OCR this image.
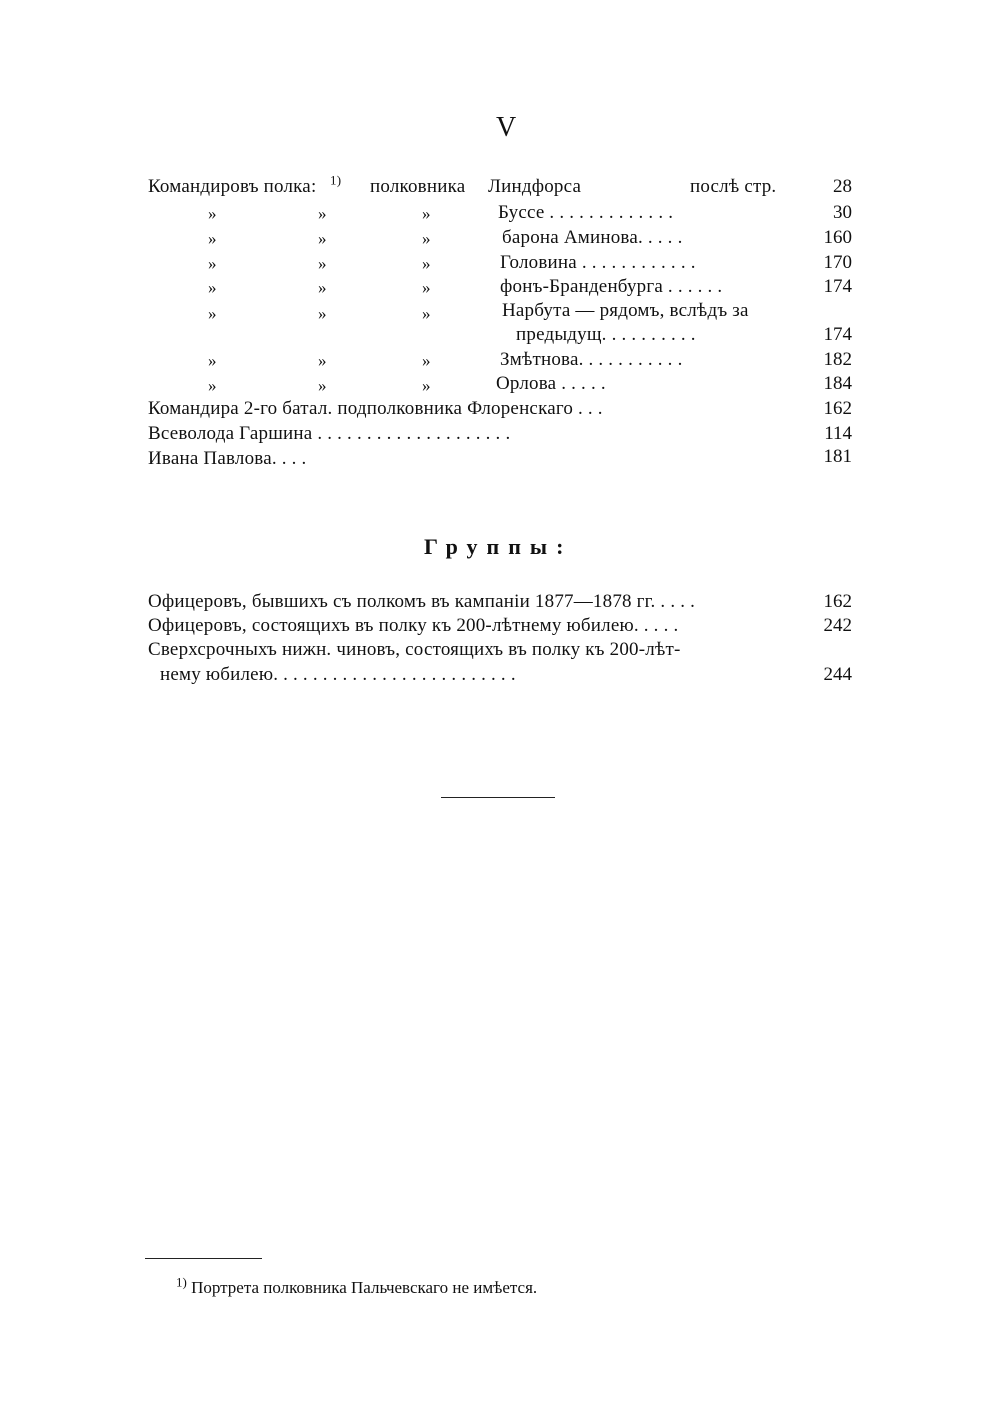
V
Командировъ полка: $^{1)}$ полковника Линдфорса	послѣ стр.	28
»	»	»	Буссе . . . . . . . . . . . . .	30
»	»	»	барона Аминова. . . . .	160
»	»	»	Головина . . . . . . . . . . . .	170
»	»	»	фонъ-Бранденбурга . . . . . .	174
»	»	»	Нарбута — рядомъ, вслѣдъ за
предыдущ. . . . . . . . . .	174
»	»	»	Змѣтнова. . . . . . . . . . .	182
»	»	»	Орлова . . . . .	184
Командира 2-го батал. подполковника Флоренскаго . . .	162
Всеволода Гаршина . . . . . . . . . . . . . . . . . . . .	114
Ивана Павлова. . . .	181
Группы:
Офицеровъ, бывшихъ съ полкомъ въ кампаніи 1877—1878 гг. . . . .	162
Офицеровъ, состоящихъ въ полку къ 200-лѣтнему юбилею. . . . .	242
Сверхсрочныхъ нижн. чиновъ, состоящихъ въ полку къ 200-лѣт-
нему юбилею. . . . . . . . . . . . . . . . . . . . . . . . .	244
$^{1)}$ Портрета полковника Пальчевскаго не имѣется.
